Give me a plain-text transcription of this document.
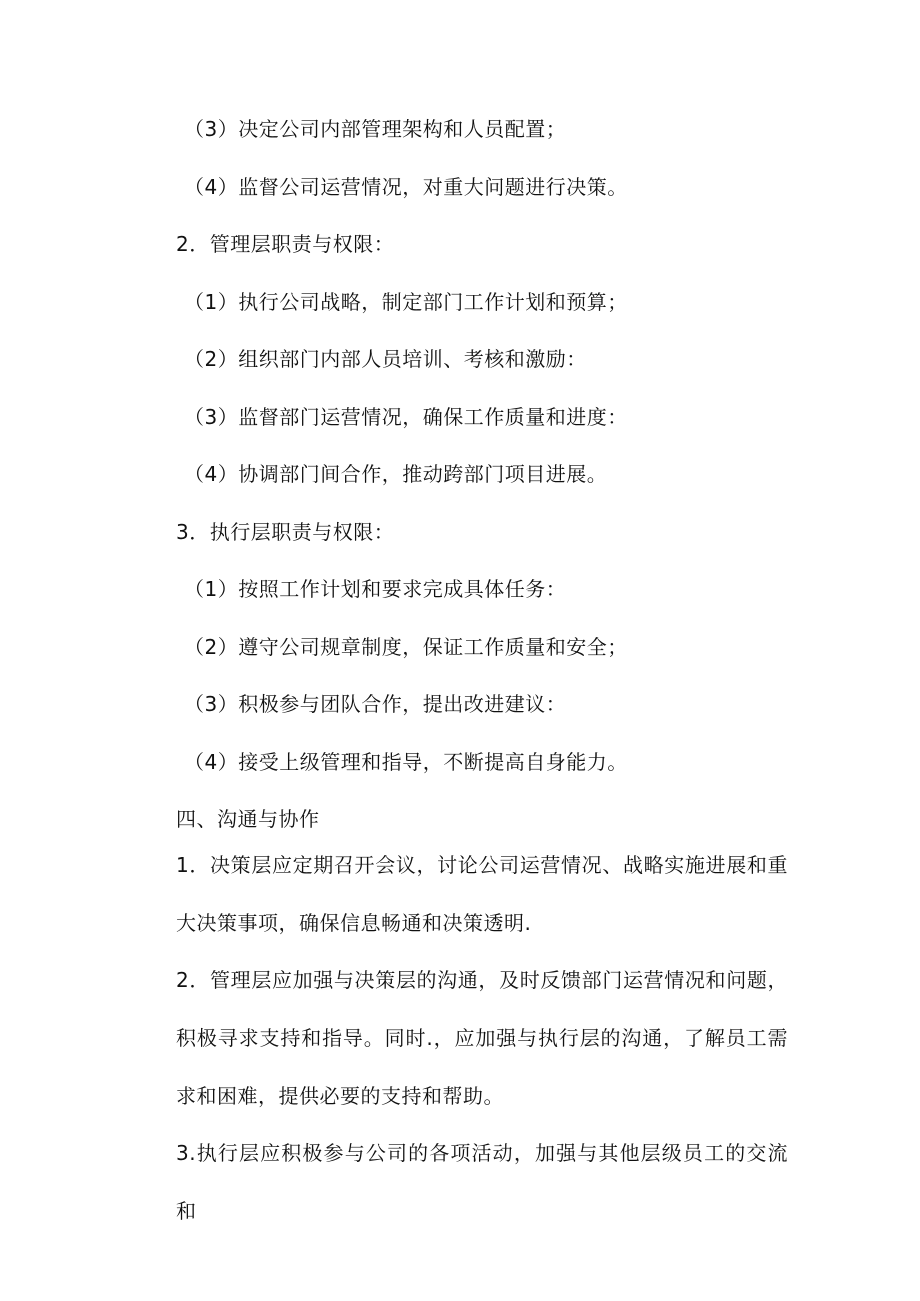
（3）决定公司内部管理架构和人员配置；
（4）监督公司运营情况，对重大问题进行决策。
2．管理层职责与权限：
（1）执行公司战略，制定部门工作计划和预算；
（2）组织部门内部人员培训、考核和激励：
（3）监督部门运营情况，确保工作质量和进度：
（4）协调部门间合作，推动跨部门项目进展。
3．执行层职责与权限：
（1）按照工作计划和要求完成具体任务：
（2）遵守公司规章制度，保证工作质量和安全；
（3）积极参与团队合作，提出改进建议：
（4）接受上级管理和指导，不断提高自身能力。
四、沟通与协作
1．决策层应定期召开会议，讨论公司运营情况、战略实施进展和重大决策事项，确保信息畅通和决策透明.
2．管理层应加强与决策层的沟通，及时反馈部门运营情况和问题，积极寻求支持和指导。同时.，应加强与执行层的沟通，了解员工需求和困难，提供必要的支持和帮助。
3.执行层应积极参与公司的各项活动，加强与其他层级员工的交流和
